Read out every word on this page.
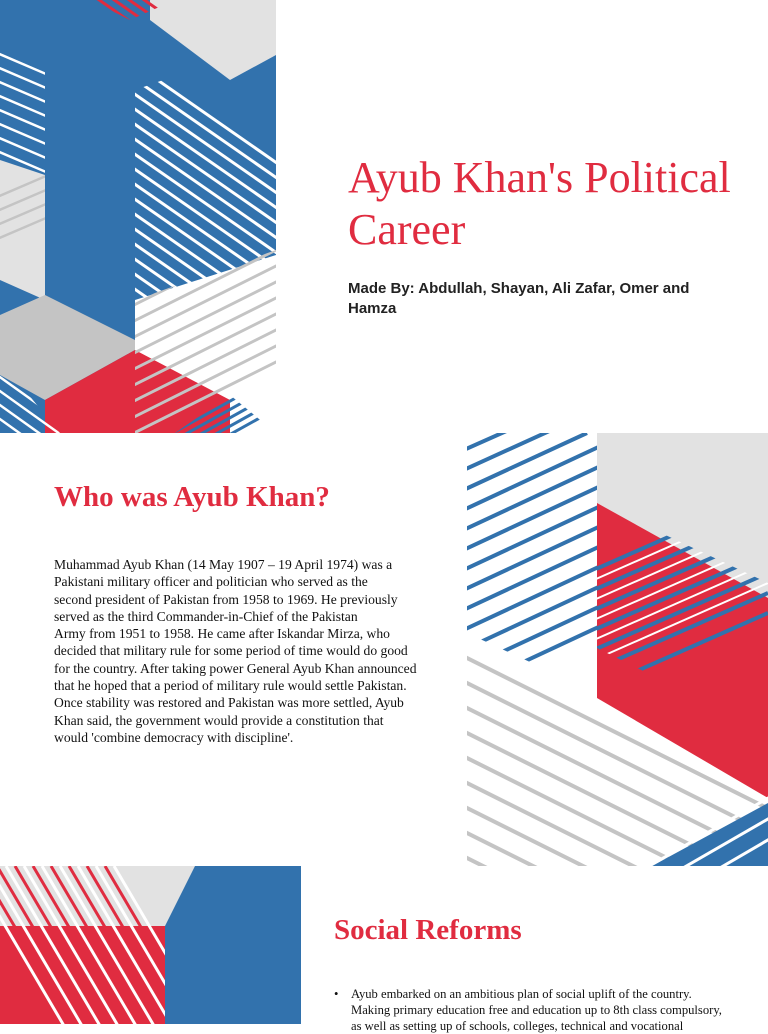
Ayub Khan's Political Career

Made By: Abdullah, Shayan, Ali Zafar, Omer and Hamza

Who was Ayub Khan?

Muhammad Ayub Khan (14 May 1907 – 19 April 1974) was a
Pakistani military officer and politician who served as the
second president of Pakistan from 1958 to 1969. He previously
served as the third Commander-in-Chief of the Pakistan
Army from 1951 to 1958. He came after Iskandar Mirza, who
decided that military rule for some period of time would do good
for the country. After taking power General Ayub Khan announced
that he hoped that a period of military rule would settle Pakistan.
Once stability was restored and Pakistan was more settled, Ayub
Khan said, the government would provide a constitution that
would 'combine democracy with discipline'.

Social Reforms
• Ayub embarked on an ambitious plan of social uplift of the country.
Making primary education free and education up to 8th class compulsory,
as well as setting up of schools, colleges, technical and vocational
